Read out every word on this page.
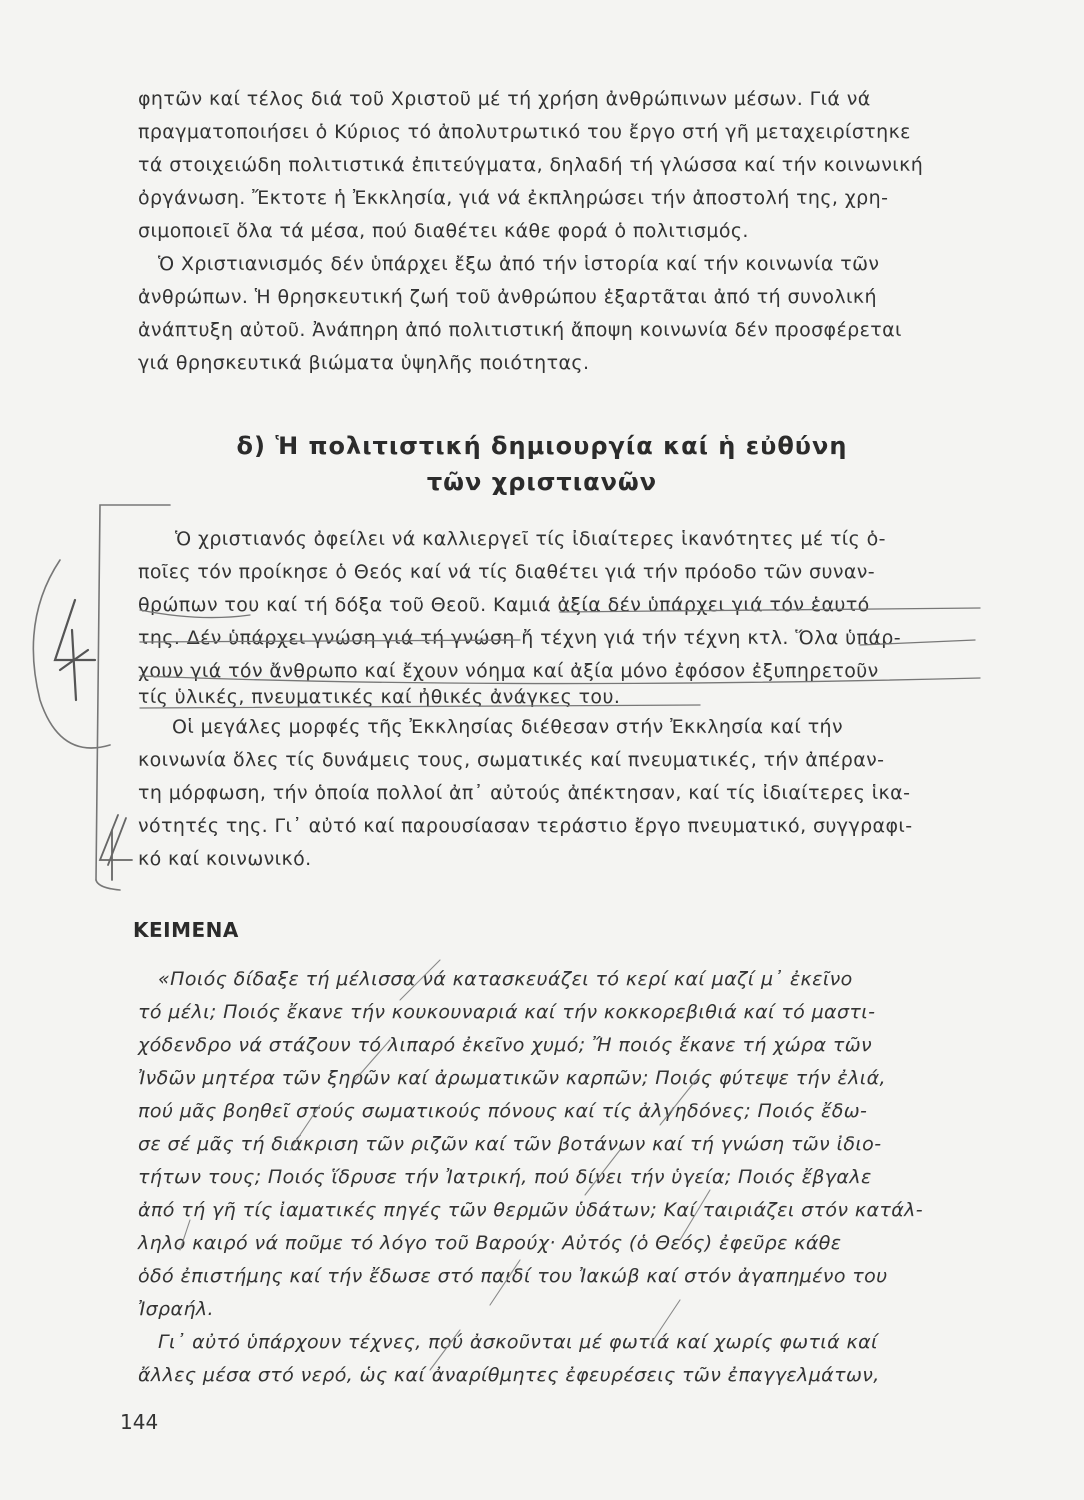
φητῶν καί τέλος διά τοῦ Χριστοῦ μέ τή χρήση ἀνθρώπινων μέσων. Γιά νά
πραγματοποιήσει ὁ Κύριος τό ἀπολυτρωτικό του ἔργο στή γῆ μεταχειρίστηκε
τά στοιχειώδη πολιτιστικά ἐπιτεύγματα, δηλαδή τή γλώσσα καί τήν κοινωνική
ὀργάνωση. Ἔκτοτε ἡ Ἐκκλησία, γιά νά ἐκπληρώσει τήν ἀποστολή της, χρη-
σιμοποιεῖ ὅλα τά μέσα, πού διαθέτει κάθε φορά ὁ πολιτισμός.
Ὁ Χριστιανισμός δέν ὑπάρχει ἔξω ἀπό τήν ἱστορία καί τήν κοινωνία τῶν
ἀνθρώπων. Ἡ θρησκευτική ζωή τοῦ ἀνθρώπου ἐξαρτᾶται ἀπό τή συνολική
ἀνάπτυξη αὐτοῦ. Ἀνάπηρη ἀπό πολιτιστική ἄποψη κοινωνία δέν προσφέρεται
γιά θρησκευτικά βιώματα ὑψηλῆς ποιότητας.
δ) Ἡ πολιτιστική δημιουργία καί ἡ εὐθύνη
τῶν χριστιανῶν
Ὁ χριστιανός ὀφείλει νά καλλιεργεῖ τίς ἰδιαίτερες ἱκανότητες μέ τίς ὁ-
ποῖες τόν προίκησε ὁ Θεός καί νά τίς διαθέτει γιά τήν πρόοδο τῶν συναν-
θρώπων του καί τή δόξα τοῦ Θεοῦ. Καμιά ἀξία δέν ὑπάρχει γιά τόν ἑαυτό
της. Δέν ὑπάρχει γνώση γιά τή γνώση ἤ τέχνη γιά τήν τέχνη κτλ. Ὅλα ὑπάρ-
χουν γιά τόν ἄνθρωπο καί ἔχουν νόημα καί ἀξία μόνο ἐφόσον ἐξυπηρετοῦν
τίς ὑλικές, πνευματικές καί ἠθικές ἀνάγκες του.
Οἱ μεγάλες μορφές τῆς Ἐκκλησίας διέθεσαν στήν Ἐκκλησία καί τήν
κοινωνία ὅλες τίς δυνάμεις τους, σωματικές καί πνευματικές, τήν ἀπέραν-
τη μόρφωση, τήν ὁποία πολλοί ἀπ᾿ αὐτούς ἀπέκτησαν, καί τίς ἰδιαίτερες ἱκα-
νότητές της. Γι᾿ αὐτό καί παρουσίασαν τεράστιο ἔργο πνευματικό, συγγραφι-
κό καί κοινωνικό.
ΚΕΙΜΕΝΑ
«Ποιός δίδαξε τή μέλισσα νά κατασκευάζει τό κερί καί μαζί μ᾿ ἐκεῖνο
τό μέλι; Ποιός ἔκανε τήν κουκουναριά καί τήν κοκκορεβιθιά καί τό μαστι-
χόδενδρο νά στάζουν τό λιπαρό ἐκεῖνο χυμό; Ἤ ποιός ἔκανε τή χώρα τῶν
Ἰνδῶν μητέρα τῶν ξηρῶν καί ἀρωματικῶν καρπῶν; Ποιός φύτεψε τήν ἐλιά,
πού μᾶς βοηθεῖ στούς σωματικούς πόνους καί τίς ἀλγηδόνες; Ποιός ἔδω-
σε σέ μᾶς τή διάκριση τῶν ριζῶν καί τῶν βοτάνων καί τή γνώση τῶν ἰδιο-
τήτων τους; Ποιός ἵδρυσε τήν Ἰατρική, πού δίνει τήν ὑγεία; Ποιός ἔβγαλε
ἀπό τή γῆ τίς ἰαματικές πηγές τῶν θερμῶν ὑδάτων; Καί ταιριάζει στόν κατάλ-
ληλο καιρό νά ποῦμε τό λόγο τοῦ Βαρούχ· Αὐτός (ὁ Θεός) ἐφεῦρε κάθε
ὁδό ἐπιστήμης καί τήν ἔδωσε στό παιδί του Ἰακώβ καί στόν ἀγαπημένο του
Ἰσραήλ.
Γι᾿ αὐτό ὑπάρχουν τέχνες, πού ἀσκοῦνται μέ φωτιά καί χωρίς φωτιά καί
ἄλλες μέσα στό νερό, ὡς καί ἀναρίθμητες ἐφευρέσεις τῶν ἐπαγγελμάτων,
144
